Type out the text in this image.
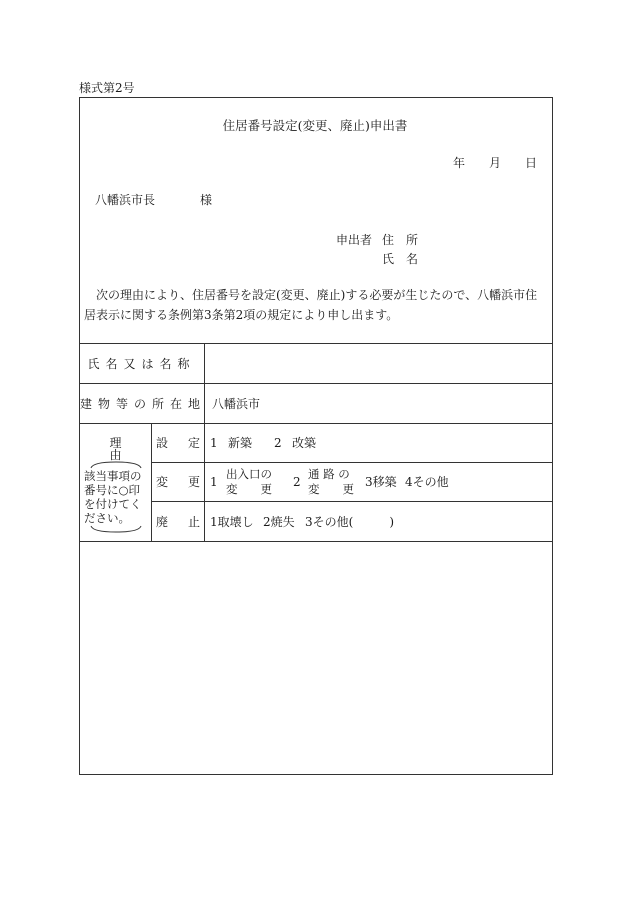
様式第2号
住居番号設定(変更、廃止)申出書
年 月 日
八幡浜市長	様
申出者 住　所
氏　名
次の理由により、住居番号を設定(変更、廃止)する必要が生じたので、八幡浜市住居表示に関する条例第3条第2項の規定により申し出ます。
氏名又は名称
建物等の所在地 八幡浜市
理
由
該当事項の番号に○印を付けてください。
設定 1 新築 2 改築
変更 1
出入口の
変　　更 2
通 路 の
変　　更 3移築 4その他
廃止 1取壊し 2焼失 3その他(　　　)
